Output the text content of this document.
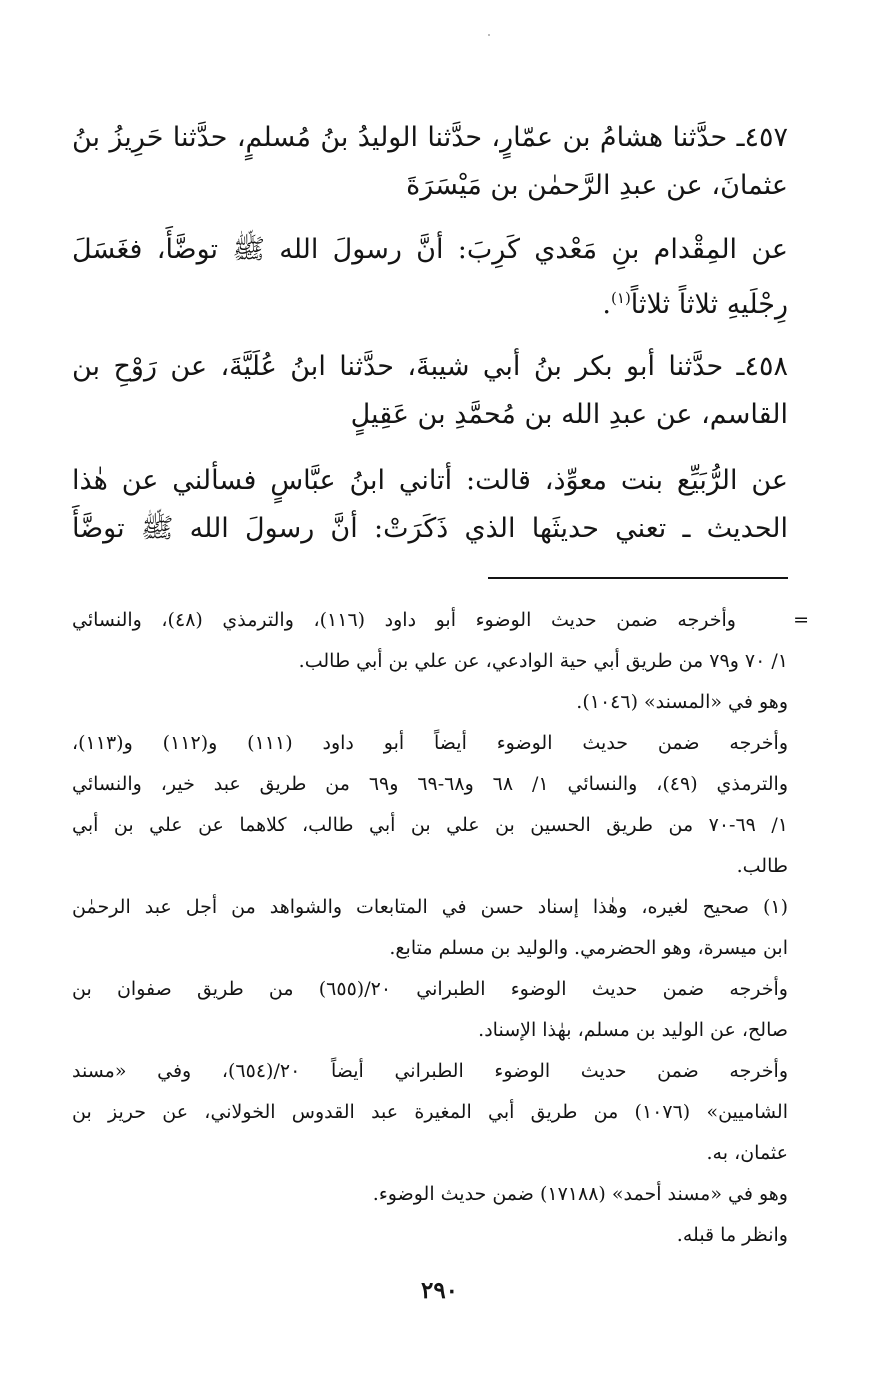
٤٥٧ـ حدَّثنا هشامُ بن عمّارٍ، حدَّثنا الوليدُ بنُ مُسلمٍ، حدَّثنا حَرِيزُ بنُ
عثمانَ، عن عبدِ الرَّحمٰن بن مَيْسَرَةَ
عن المِقْدام بنِ مَعْدي كَرِبَ: أنَّ رسولَ الله ﷺ توضَّأَ، فغَسَلَ
رِجْلَيهِ ثلاثاً ثلاثاً$^{(١)}$.
٤٥٨ـ حدَّثنا أبو بكر بنُ أبي شيبةَ، حدَّثنا ابنُ عُلَيَّةَ، عن رَوْحِ بن
القاسم، عن عبدِ الله بن مُحمَّدِ بن عَقِيلٍ
عن الرُّبَيِّع بنت معوِّذ، قالت: أتاني ابنُ عبَّاسٍ فسألني عن هٰذا
الحديث ـ تعني حديثَها الذي ذَكَرَتْ: أنَّ رسولَ الله ﷺ توضَّأَ
=
وأخرجه ضمن حديث الوضوء أبو داود (١١٦)، والترمذي (٤٨)، والنسائي
١/ ٧٠ و٧٩ من طريق أبي حية الوادعي، عن علي بن أبي طالب.
وهو في «المسند» (١٠٤٦).
وأخرجه ضمن حديث الوضوء أيضاً أبو داود (١١١) و(١١٢) و(١١٣)،
والترمذي (٤٩)، والنسائي ١/ ٦٨ و٦٨-٦٩ و٦٩ من طريق عبد خير، والنسائي
١/ ٦٩-٧٠ من طريق الحسين بن علي بن أبي طالب، كلاهما عن علي بن أبي
طالب.
(١) صحيح لغيره، وهٰذا إسناد حسن في المتابعات والشواهد من أجل عبد الرحمٰن
ابن ميسرة، وهو الحضرمي. والوليد بن مسلم متابع.
وأخرجه ضمن حديث الوضوء الطبراني ٢٠/(٦٥٥) من طريق صفوان بن
صالح، عن الوليد بن مسلم، بهٰذا الإسناد.
وأخرجه ضمن حديث الوضوء الطبراني أيضاً ٢٠/(٦٥٤)، وفي «مسند
الشاميين» (١٠٧٦) من طريق أبي المغيرة عبد القدوس الخولاني، عن حريز بن
عثمان، به.
وهو في «مسند أحمد» (١٧١٨٨) ضمن حديث الوضوء.
وانظر ما قبله.
٢٩٠
